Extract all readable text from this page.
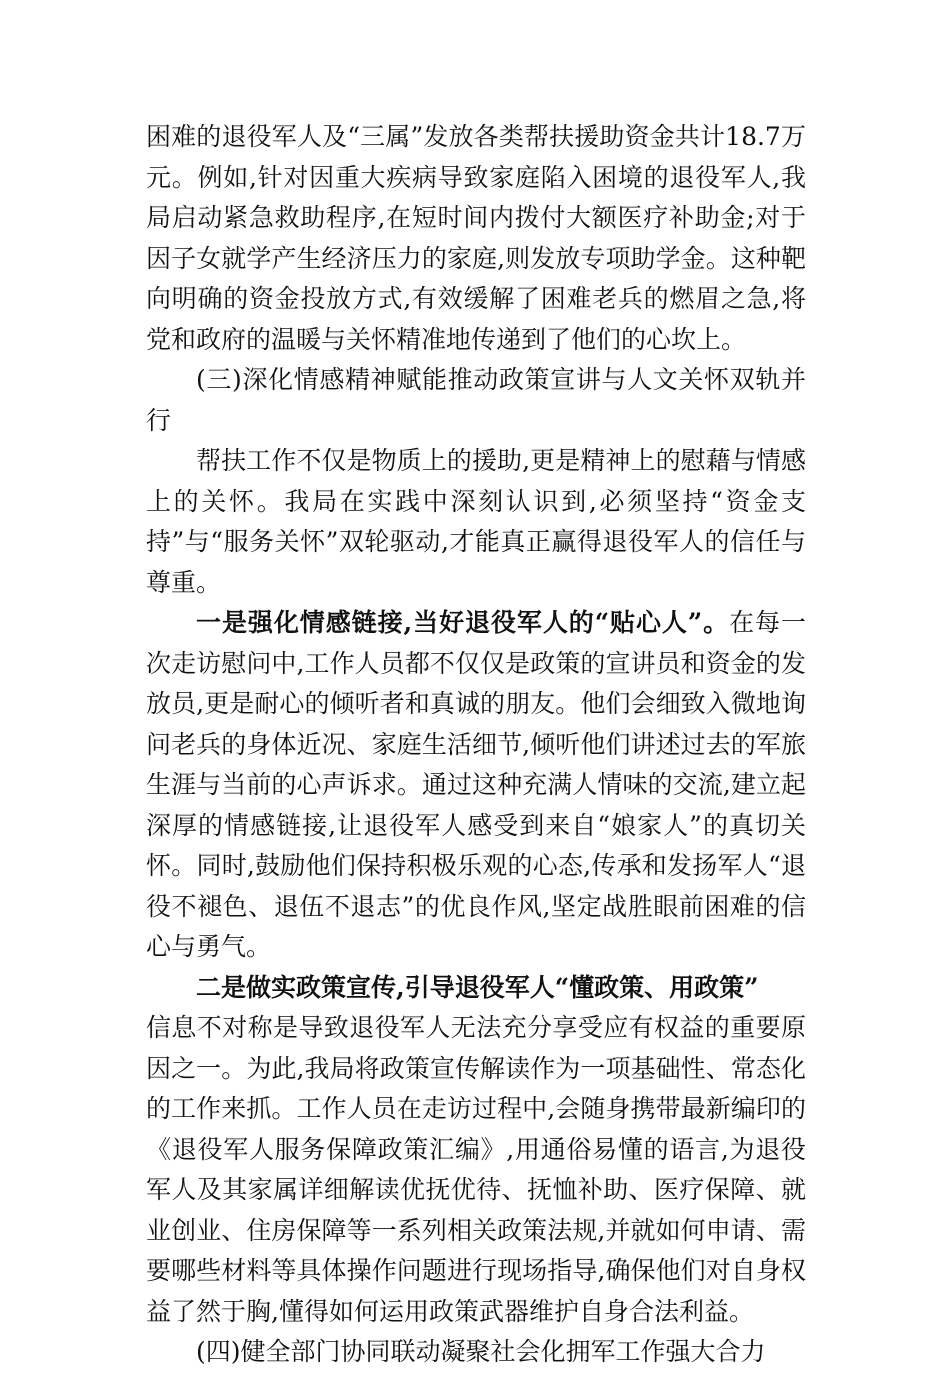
困难的退役军人及“三属”发放各类帮扶援助资金共计18.7万元。例如,针对因重大疾病导致家庭陷入困境的退役军人,我局启动紧急救助程序,在短时间内拨付大额医疗补助金;对于因子女就学产生经济压力的家庭,则发放专项助学金。这种靶向明确的资金投放方式,有效缓解了困难老兵的燃眉之急,将党和政府的温暖与关怀精准地传递到了他们的心坎上。

(三)深化情感精神赋能推动政策宣讲与人文关怀双轨并行

帮扶工作不仅是物质上的援助,更是精神上的慰藉与情感上的关怀。我局在实践中深刻认识到,必须坚持“资金支持”与“服务关怀”双轮驱动,才能真正赢得退役军人的信任与尊重。

一是强化情感链接,当好退役军人的“贴心人”。在每一次走访慰问中,工作人员都不仅仅是政策的宣讲员和资金的发放员,更是耐心的倾听者和真诚的朋友。他们会细致入微地询问老兵的身体近况、家庭生活细节,倾听他们讲述过去的军旅生涯与当前的心声诉求。通过这种充满人情味的交流,建立起深厚的情感链接,让退役军人感受到来自“娘家人”的真切关怀。同时,鼓励他们保持积极乐观的心态,传承和发扬军人“退役不褪色、退伍不退志”的优良作风,坚定战胜眼前困难的信心与勇气。

二是做实政策宣传,引导退役军人“懂政策、用政策”
信息不对称是导致退役军人无法充分享受应有权益的重要原因之一。为此,我局将政策宣传解读作为一项基础性、常态化的工作来抓。工作人员在走访过程中,会随身携带最新编印的《退役军人服务保障政策汇编》,用通俗易懂的语言,为退役军人及其家属详细解读优抚优待、抚恤补助、医疗保障、就业创业、住房保障等一系列相关政策法规,并就如何申请、需要哪些材料等具体操作问题进行现场指导,确保他们对自身权益了然于胸,懂得如何运用政策武器维护自身合法利益。

(四)健全部门协同联动凝聚社会化拥军工作强大合力
